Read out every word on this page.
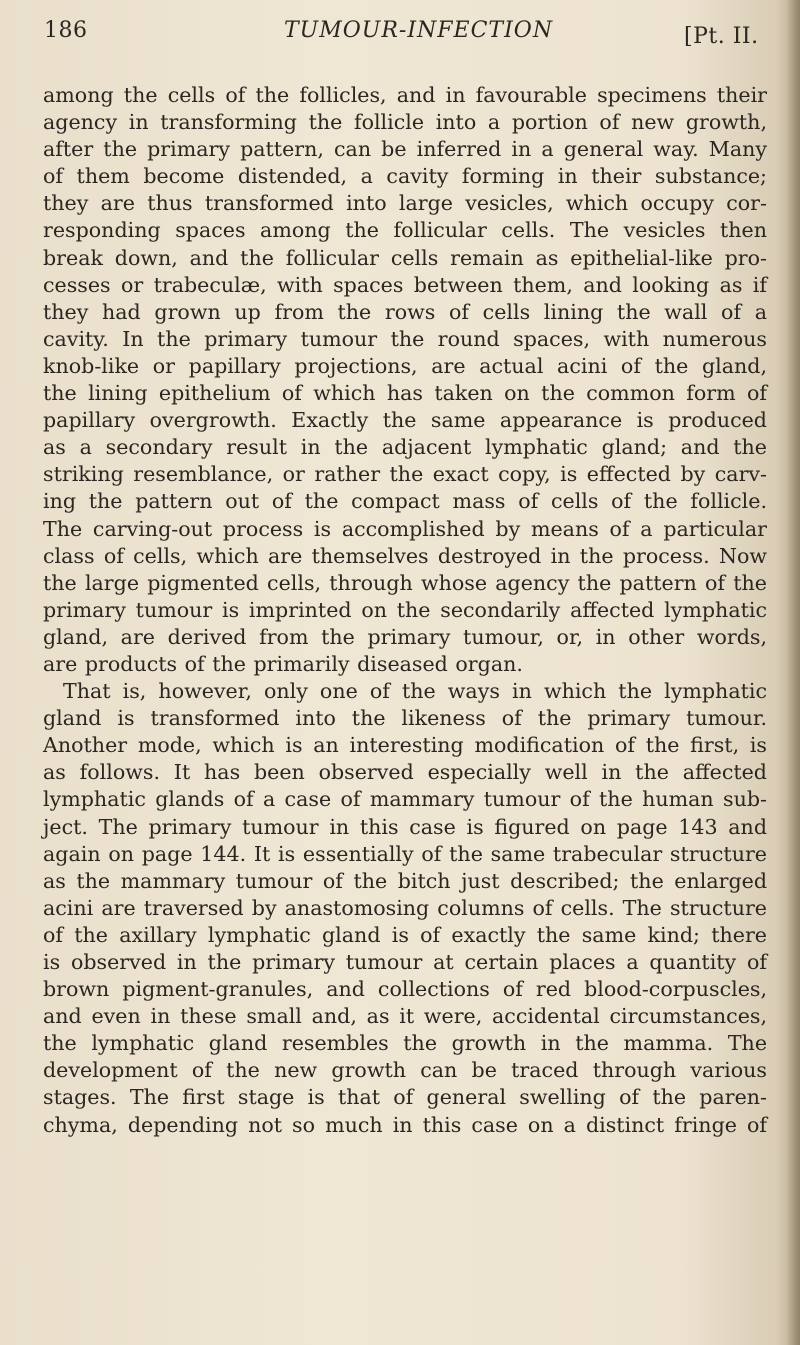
186	TUMOUR-INFECTION	[Pt. II.
among the cells of the follicles, and in favourable specimens their
agency in transforming the follicle into a portion of new growth,
after the primary pattern, can be inferred in a general way. Many
of them become distended, a cavity forming in their substance;
they are thus transformed into large vesicles, which occupy cor-
responding spaces among the follicular cells. The vesicles then
break down, and the follicular cells remain as epithelial-like pro-
cesses or trabeculæ, with spaces between them, and looking as if
they had grown up from the rows of cells lining the wall of a
cavity. In the primary tumour the round spaces, with numerous
knob-like or papillary projections, are actual acini of the gland,
the lining epithelium of which has taken on the common form of
papillary overgrowth. Exactly the same appearance is produced
as a secondary result in the adjacent lymphatic gland; and the
striking resemblance, or rather the exact copy, is effected by carv-
ing the pattern out of the compact mass of cells of the follicle.
The carving-out process is accomplished by means of a particular
class of cells, which are themselves destroyed in the process. Now
the large pigmented cells, through whose agency the pattern of the
primary tumour is imprinted on the secondarily affected lymphatic
gland, are derived from the primary tumour, or, in other words,
are products of the primarily diseased organ.
That is, however, only one of the ways in which the lymphatic
gland is transformed into the likeness of the primary tumour.
Another mode, which is an interesting modification of the first, is
as follows. It has been observed especially well in the affected
lymphatic glands of a case of mammary tumour of the human sub-
ject. The primary tumour in this case is figured on page 143 and
again on page 144. It is essentially of the same trabecular structure
as the mammary tumour of the bitch just described; the enlarged
acini are traversed by anastomosing columns of cells. The structure
of the axillary lymphatic gland is of exactly the same kind; there
is observed in the primary tumour at certain places a quantity of
brown pigment-granules, and collections of red blood-corpuscles,
and even in these small and, as it were, accidental circumstances,
the lymphatic gland resembles the growth in the mamma. The
development of the new growth can be traced through various
stages. The first stage is that of general swelling of the paren-
chyma, depending not so much in this case on a distinct fringe of
